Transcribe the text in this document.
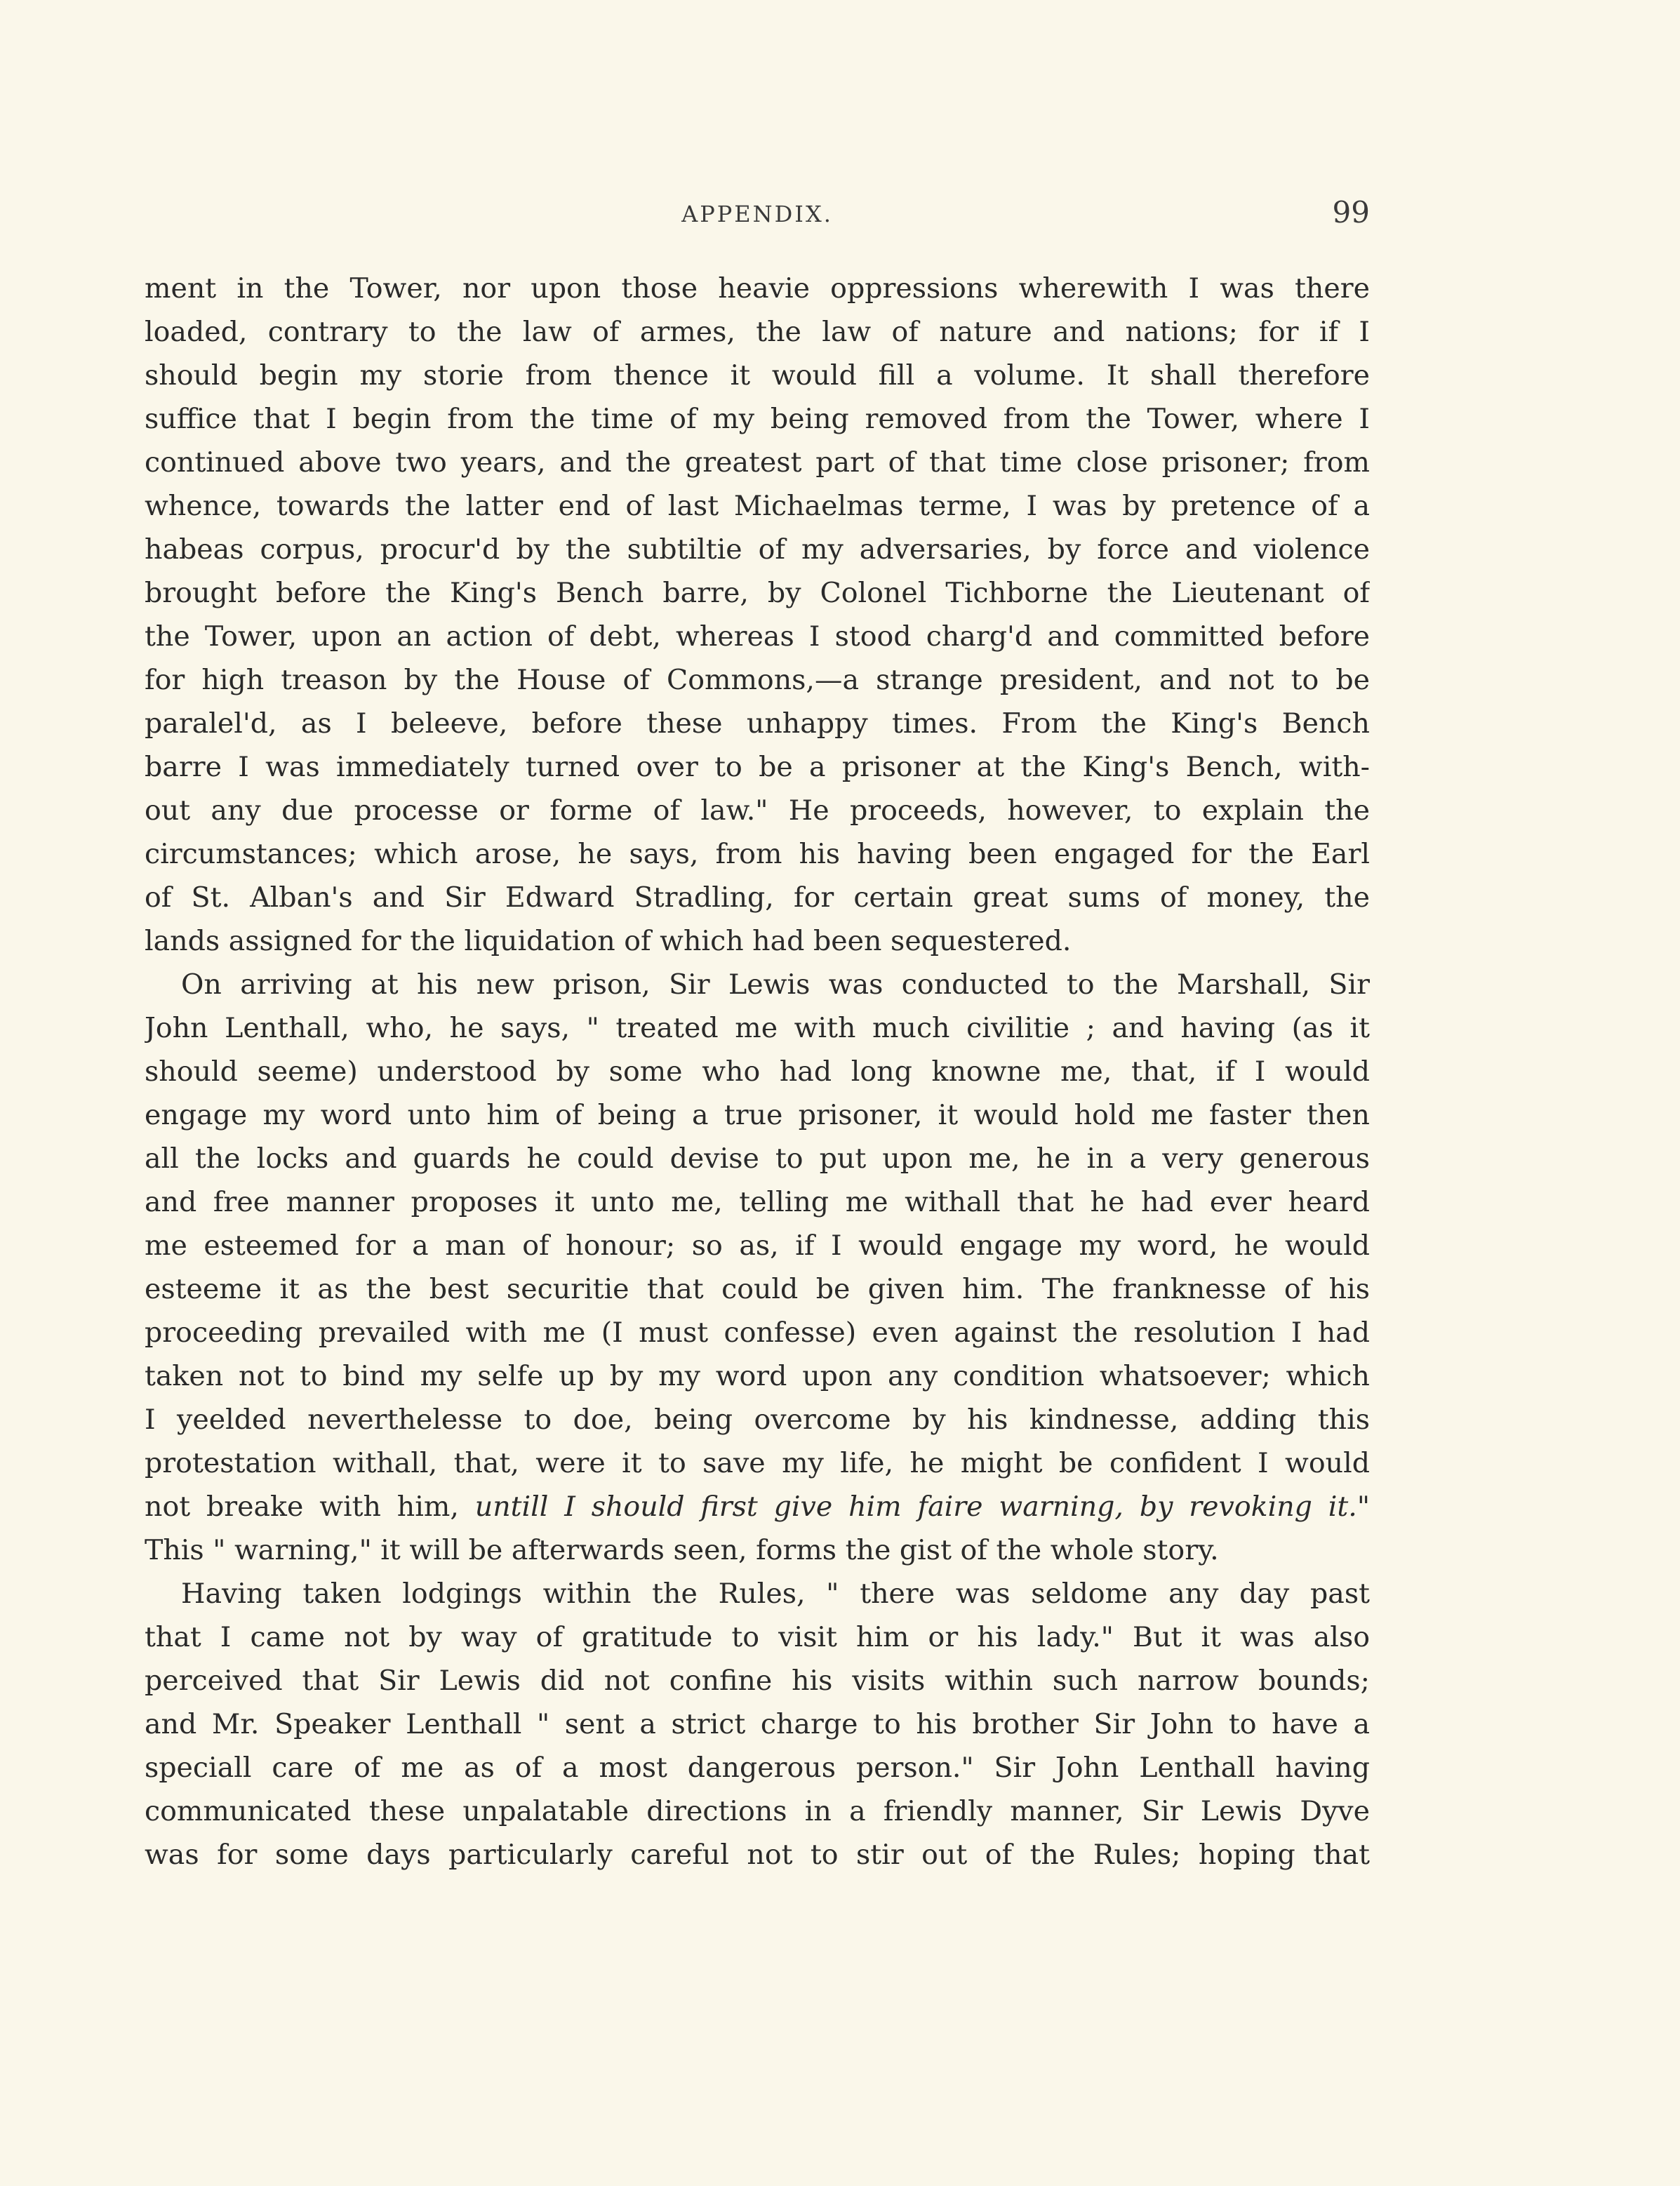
APPENDIX.	99
ment in the Tower, nor upon those heavie oppressions wherewith I was there
loaded, contrary to the law of armes, the law of nature and nations; for if I
should begin my storie from thence it would fill a volume. It shall therefore
suffice that I begin from the time of my being removed from the Tower, where I
continued above two years, and the greatest part of that time close prisoner; from
whence, towards the latter end of last Michaelmas terme, I was by pretence of a
habeas corpus, procur'd by the subtiltie of my adversaries, by force and violence
brought before the King's Bench barre, by Colonel Tichborne the Lieutenant of
the Tower, upon an action of debt, whereas I stood charg'd and committed before
for high treason by the House of Commons,—a strange president, and not to be
paralel'd, as I beleeve, before these unhappy times. From the King's Bench
barre I was immediately turned over to be a prisoner at the King's Bench, with-
out any due processe or forme of law." He proceeds, however, to explain the
circumstances; which arose, he says, from his having been engaged for the Earl
of St. Alban's and Sir Edward Stradling, for certain great sums of money, the
lands assigned for the liquidation of which had been sequestered.
On arriving at his new prison, Sir Lewis was conducted to the Marshall, Sir
John Lenthall, who, he says, " treated me with much civilitie ; and having (as it
should seeme) understood by some who had long knowne me, that, if I would
engage my word unto him of being a true prisoner, it would hold me faster then
all the locks and guards he could devise to put upon me, he in a very generous
and free manner proposes it unto me, telling me withall that he had ever heard
me esteemed for a man of honour; so as, if I would engage my word, he would
esteeme it as the best securitie that could be given him. The franknesse of his
proceeding prevailed with me (I must confesse) even against the resolution I had
taken not to bind my selfe up by my word upon any condition whatsoever; which
I yeelded neverthelesse to doe, being overcome by his kindnesse, adding this
protestation withall, that, were it to save my life, he might be confident I would
not breake with him, untill I should first give him faire warning, by revoking it."
This " warning," it will be afterwards seen, forms the gist of the whole story.
Having taken lodgings within the Rules, " there was seldome any day past
that I came not by way of gratitude to visit him or his lady." But it was also
perceived that Sir Lewis did not confine his visits within such narrow bounds;
and Mr. Speaker Lenthall " sent a strict charge to his brother Sir John to have a
speciall care of me as of a most dangerous person." Sir John Lenthall having
communicated these unpalatable directions in a friendly manner, Sir Lewis Dyve
was for some days particularly careful not to stir out of the Rules; hoping that
